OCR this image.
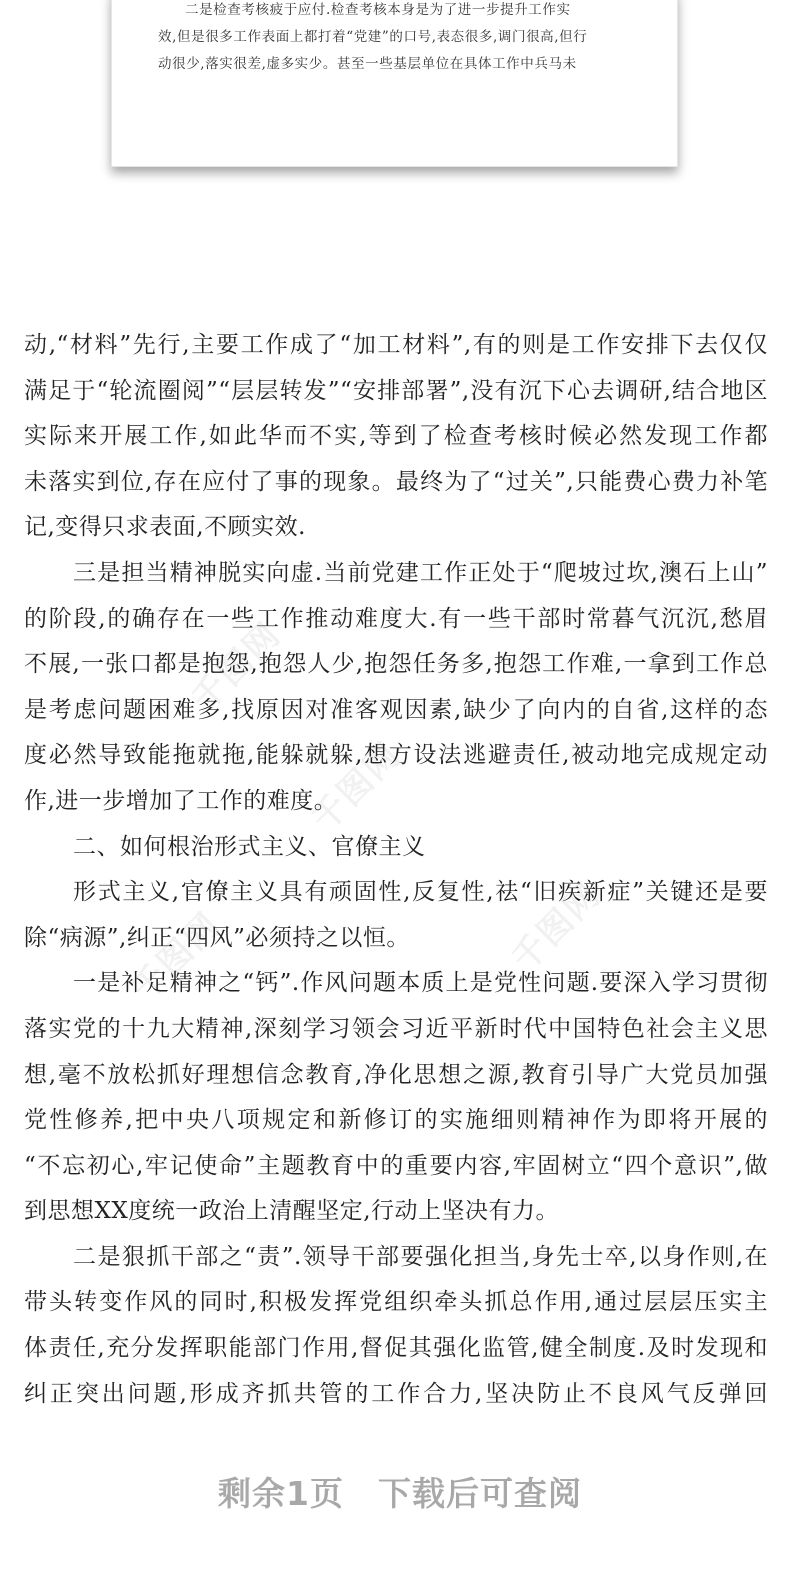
二是检查考核疲于应付.检查考核本身是为了进一步提升工作实
效,但是很多工作表面上都打着“党建”的口号,表态很多,调门很高,但行
动很少,落实很差,虚多实少。甚至一些基层单位在具体工作中兵马未
千图网
千图网
千图网	千图网
动,“材料”先行,主要工作成了“加工材料”,有的则是工作安排下去仅仅
满足于“轮流圈阅”“层层转发”“安排部署”,没有沉下心去调研,结合地区
实际来开展工作,如此华而不实,等到了检查考核时候必然发现工作都
未落实到位,存在应付了事的现象。最终为了“过关”,只能费心费力补笔
记,变得只求表面,不顾实效.
三是担当精神脱实向虚.当前党建工作正处于“爬坡过坎,澳石上山”
的阶段,的确存在一些工作推动难度大.有一些干部时常暮气沉沉,愁眉
不展,一张口都是抱怨,抱怨人少,抱怨任务多,抱怨工作难,一拿到工作总
是考虑问题困难多,找原因对准客观因素,缺少了向内的自省,这样的态
度必然导致能拖就拖,能躲就躲,想方设法逃避责任,被动地完成规定动
作,进一步增加了工作的难度。
二、如何根治形式主义、官僚主义
形式主义,官僚主义具有顽固性,反复性,祛“旧疾新症”关键还是要
除“病源”,纠正“四风”必须持之以恒。
一是补足精神之“钙”.作风问题本质上是党性问题.要深入学习贯彻
落实党的十九大精神,深刻学习领会习近平新时代中国特色社会主义思
想,毫不放松抓好理想信念教育,净化思想之源,教育引导广大党员加强
党性修养,把中央八项规定和新修订的实施细则精神作为即将开展的
“不忘初心,牢记使命”主题教育中的重要内容,牢固树立“四个意识”,做
到思想XX度统一政治上清醒坚定,行动上坚决有力。
二是狠抓干部之“责”.领导干部要强化担当,身先士卒,以身作则,在
带头转变作风的同时,积极发挥党组织牵头抓总作用,通过层层压实主
体责任,充分发挥职能部门作用,督促其强化监管,健全制度.及时发现和
纠正突出问题,形成齐抓共管的工作合力,坚决防止不良风气反弹回
剩余1页　下载后可查阅
